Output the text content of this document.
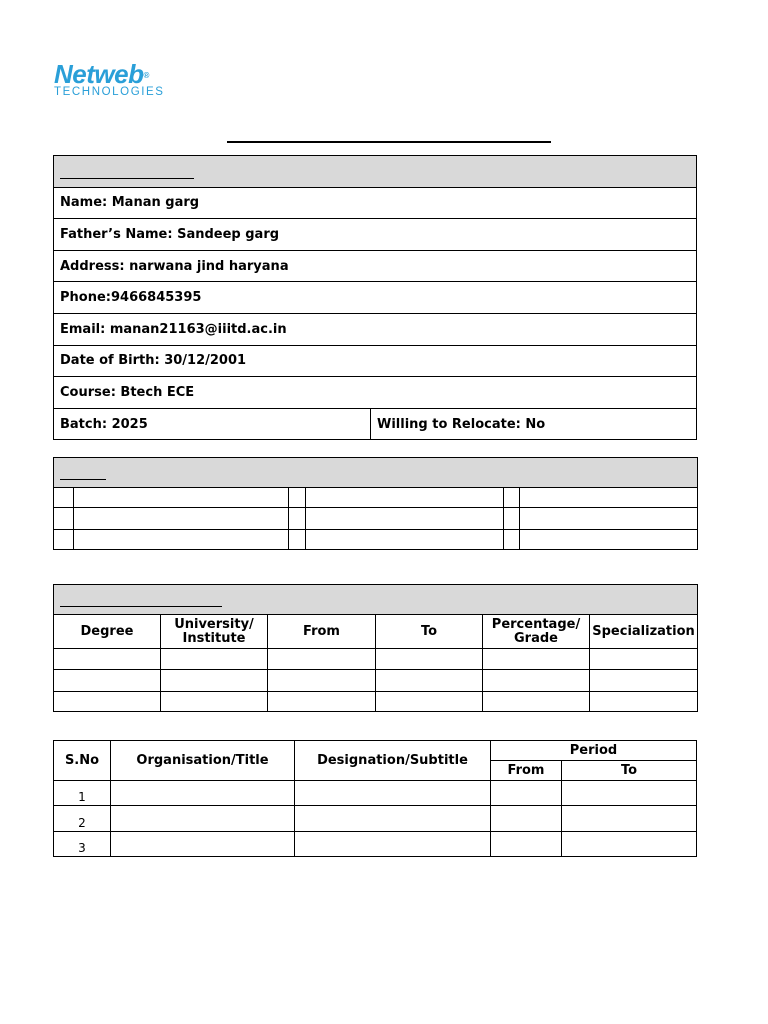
Netweb®
TECHNOLOGIES

Name: Manan garg
Father’s Name: Sandeep garg
Address: narwana jind haryana
Phone:9466845395
Email: manan21163@iiitd.ac.in
Date of Birth: 30/12/2001
Course: Btech ECE
Batch: 2025	Willing to Relocate: No

Degree	University/ Institute	From	To	Percentage/ Grade	Specialization

S.No	Organisation/Title	Designation/Subtitle	Period	
			From	To
1				
2				
3				
